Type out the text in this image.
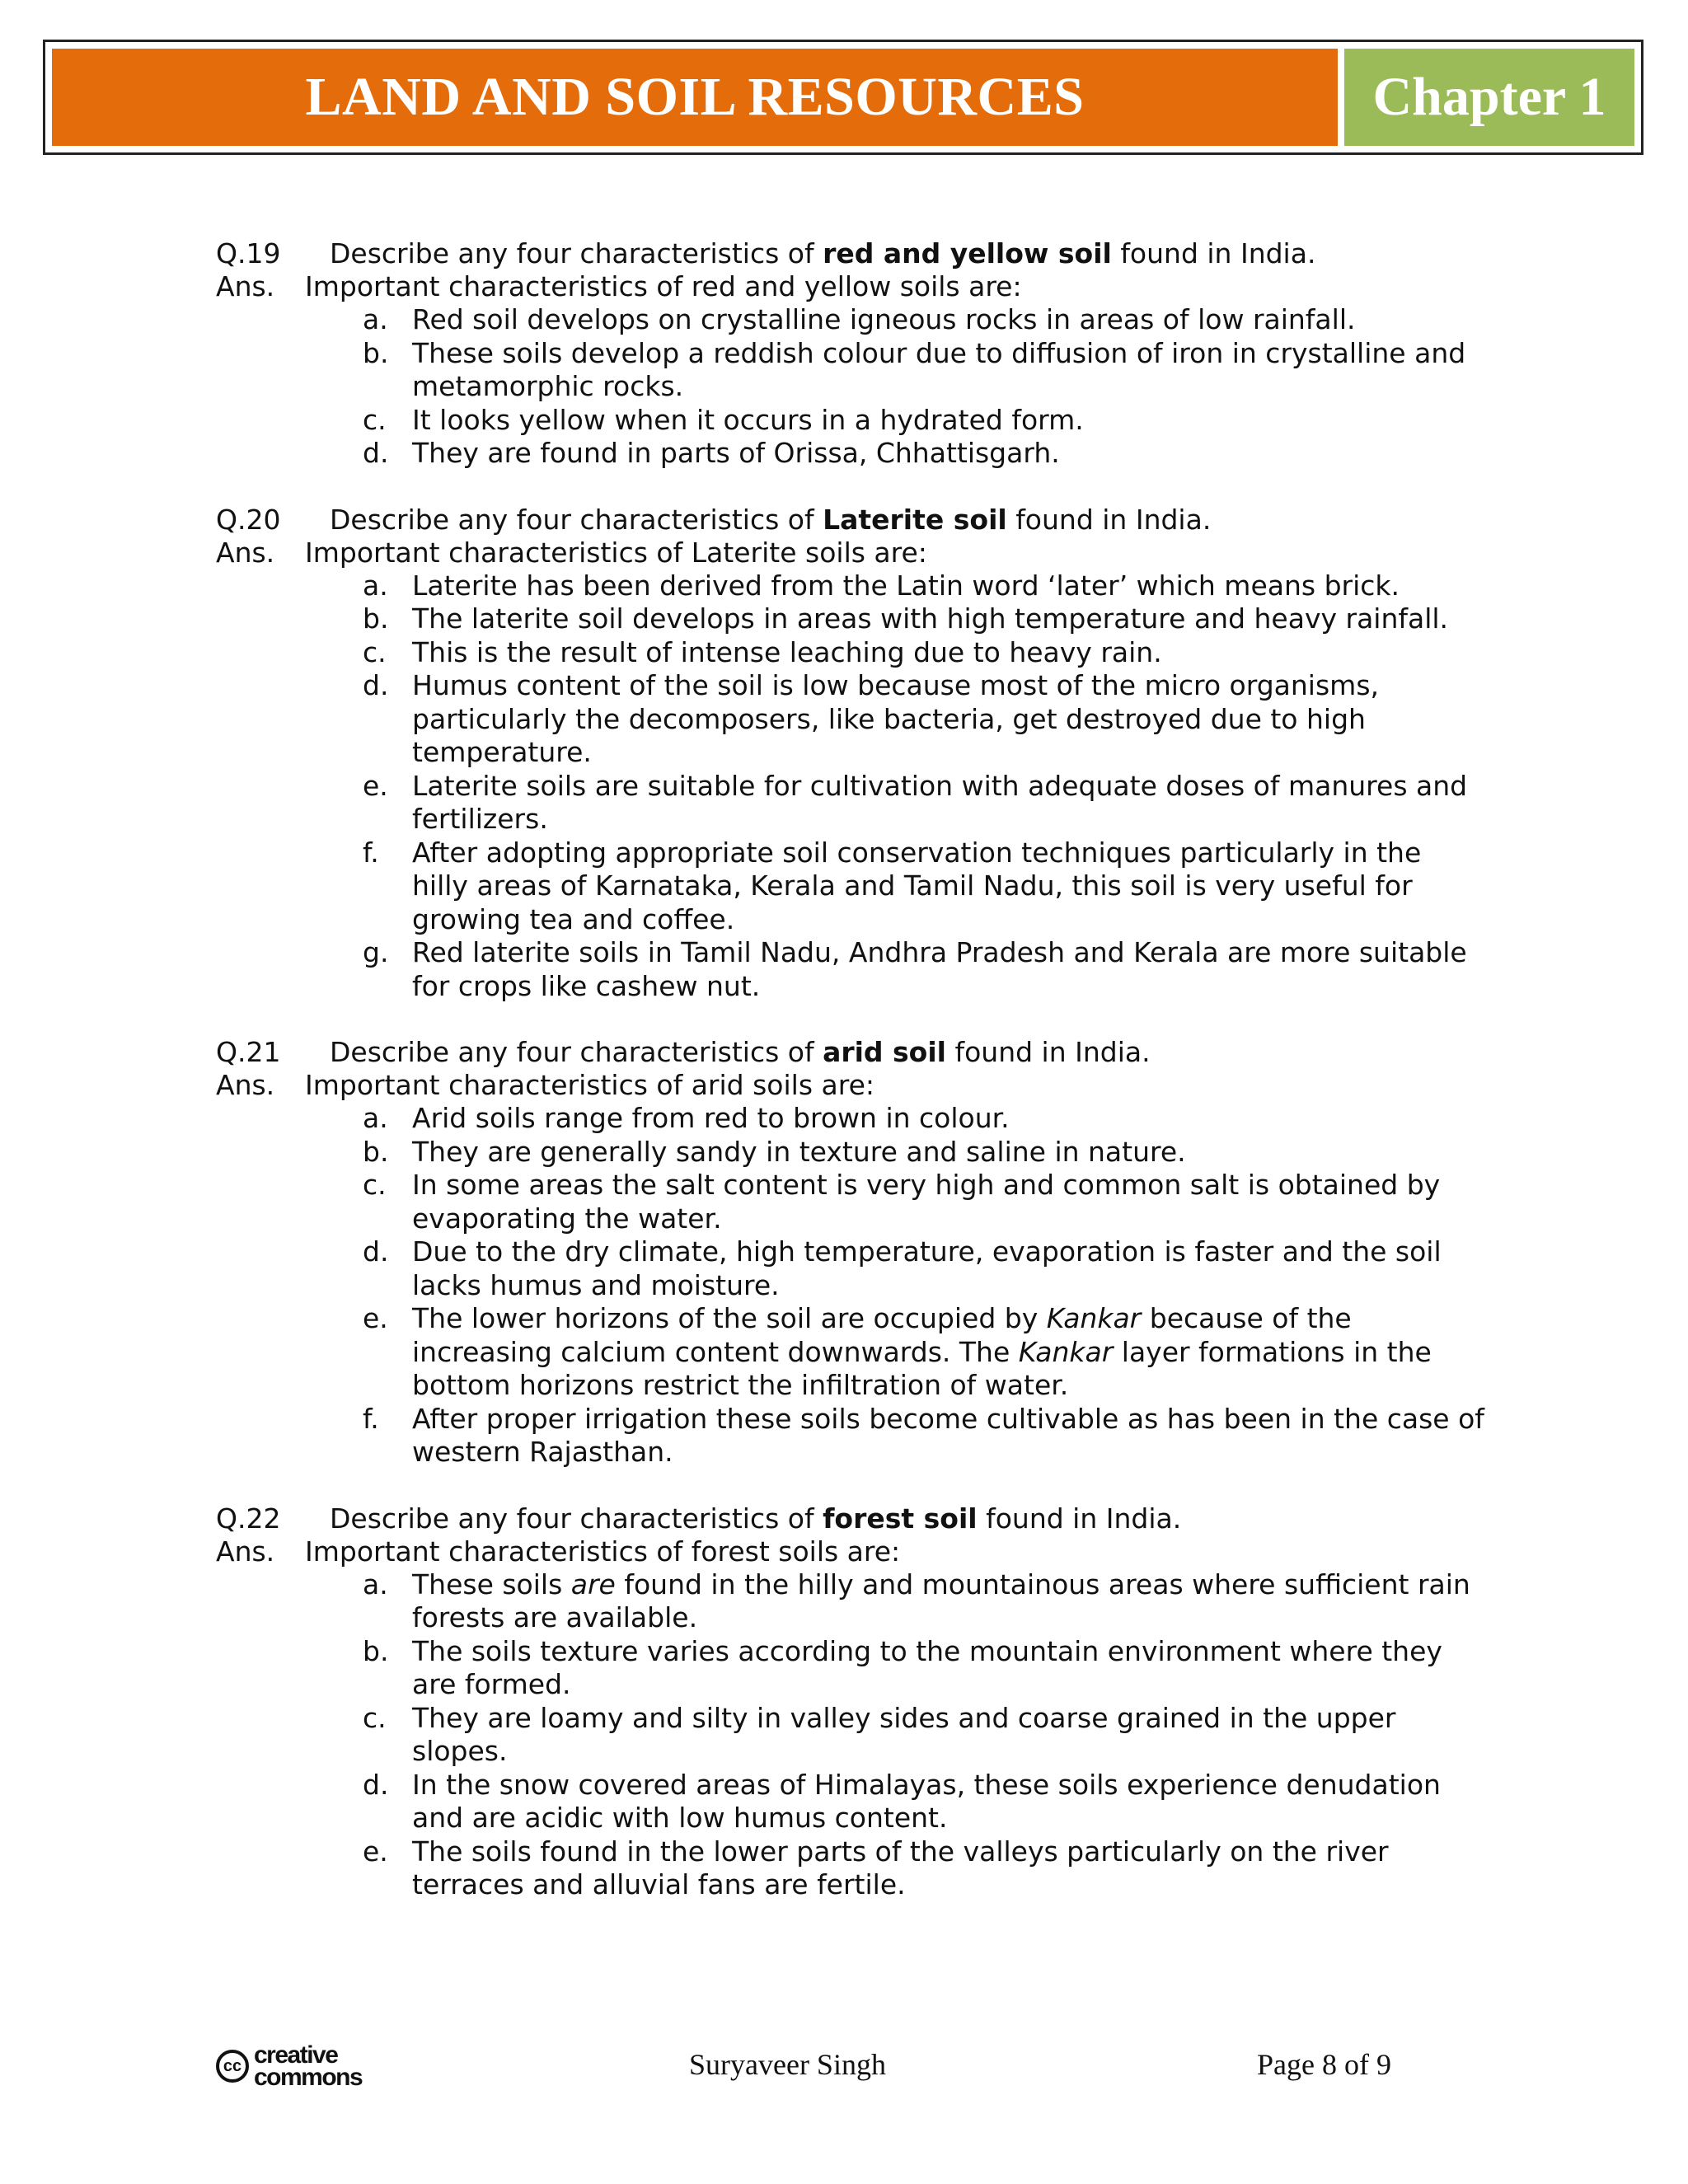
LAND AND SOIL RESOURCES	Chapter 1
Q.19	Describe any four characteristics of red and yellow soil found in India.
Ans.	Important characteristics of red and yellow soils are:
a. Red soil develops on crystalline igneous rocks in areas of low rainfall.
b. These soils develop a reddish colour due to diffusion of iron in crystalline and metamorphic rocks.
c. It looks yellow when it occurs in a hydrated form.
d. They are found in parts of Orissa, Chhattisgarh.
Q.20	Describe any four characteristics of Laterite soil found in India.
Ans.	Important characteristics of Laterite soils are:
a. Laterite has been derived from the Latin word ‘later’ which means brick.
b. The laterite soil develops in areas with high temperature and heavy rainfall.
c. This is the result of intense leaching due to heavy rain.
d. Humus content of the soil is low because most of the micro organisms, particularly the decomposers, like bacteria, get destroyed due to high temperature.
e. Laterite soils are suitable for cultivation with adequate doses of manures and fertilizers.
f.	After adopting appropriate soil conservation techniques particularly in the hilly areas of Karnataka, Kerala and Tamil Nadu, this soil is very useful for growing tea and coffee.
g. Red laterite soils in Tamil Nadu, Andhra Pradesh and Kerala are more suitable for crops like cashew nut.
Q.21	Describe any four characteristics of arid soil found in India.
Ans.	Important characteristics of arid soils are:
a. Arid soils range from red to brown in colour.
b. They are generally sandy in texture and saline in nature.
c. In some areas the salt content is very high and common salt is obtained by evaporating the water.
d. Due to the dry climate, high temperature, evaporation is faster and the soil lacks humus and moisture.
e. The lower horizons of the soil are occupied by Kankar because of the increasing calcium content downwards. The Kankar layer formations in the bottom horizons restrict the infiltration of water.
f.	After proper irrigation these soils become cultivable as has been in the case of western Rajasthan.
Q.22	Describe any four characteristics of forest soil found in India.
Ans.	Important characteristics of forest soils are:
a. These soils are found in the hilly and mountainous areas where sufficient rain forests are available.
b. The soils texture varies according to the mountain environment where they are formed.
c. They are loamy and silty in valley sides and coarse grained in the upper slopes.
d. In the snow covered areas of Himalayas, these soils experience denudation and are acidic with low humus content.
e. The soils found in the lower parts of the valleys particularly on the river terraces and alluvial fans are fertile.
cc creative
commons	Suryaveer Singh	Page 8 of 9
